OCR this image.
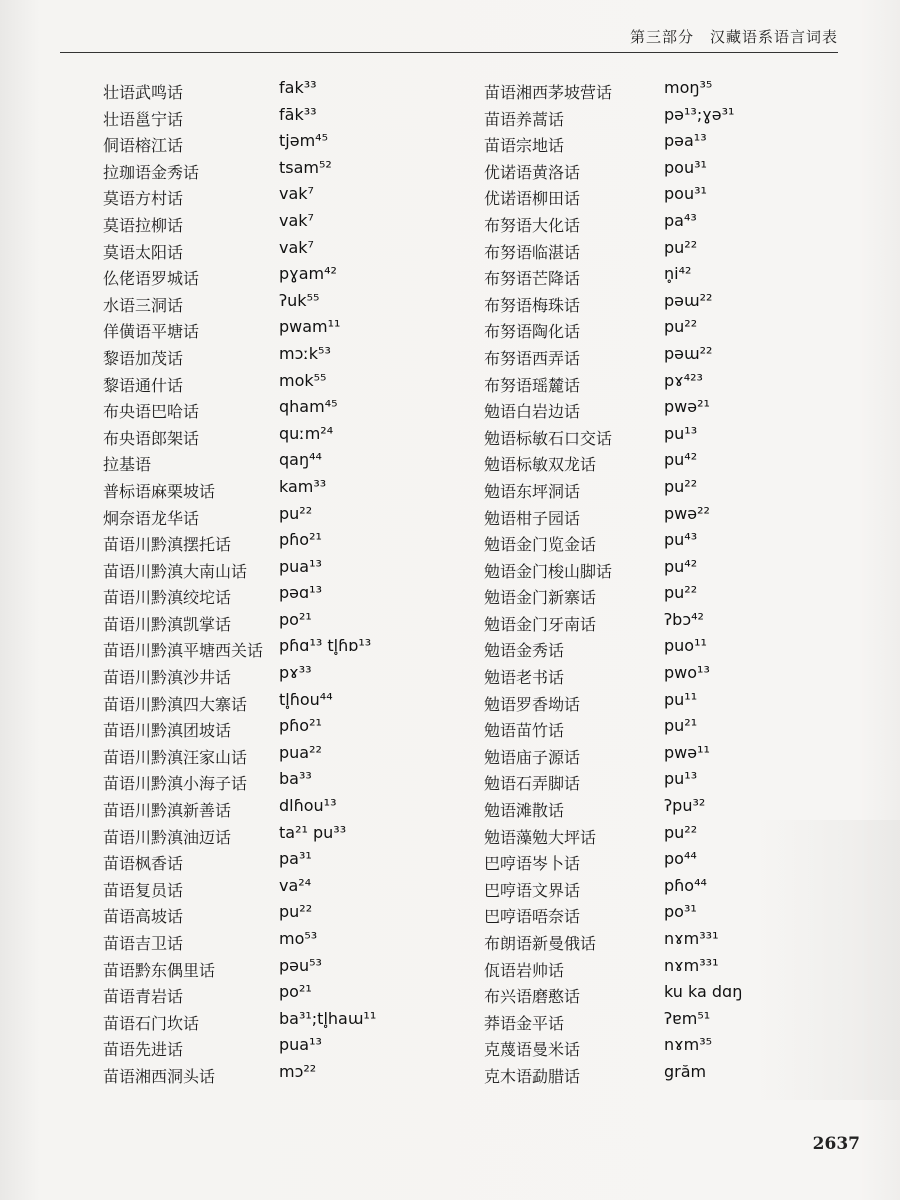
第三部分　汉藏语系语言词表
壮语武鸣话	fak³³
壮语邕宁话	fāk³³
侗语榕江话	tjəm⁴⁵
拉珈语金秀话	tsam⁵²
莫语方村话	vak⁷
莫语拉柳话	vak⁷
莫语太阳话	vak⁷
仫佬语罗城话	pɣam⁴²
水语三洞话	ʔuk⁵⁵
佯僙语平塘话	pwam¹¹
黎语加茂话	mɔːk⁵³
黎语通什话	mok⁵⁵
布央语巴哈话	qham⁴⁵
布央语郎架话	quːm²⁴
拉基语	qaŋ⁴⁴
普标语麻栗坡话	kam³³
炯奈语龙华话	pu²²
苗语川黔滇摆托话	pɦo²¹
苗语川黔滇大南山话 pua¹³
苗语川黔滇绞坨话	pəɑ¹³
苗语川黔滇凯掌话	po²¹
苗语川黔滇平塘西关话 pɦɑ¹³ tl̥ɦɒ¹³
苗语川黔滇沙井话	pɤ³³
苗语川黔滇四大寨话 tl̥ɦou⁴⁴
苗语川黔滇团坡话	pɦo²¹
苗语川黔滇汪家山话 pua²²
苗语川黔滇小海子话 ba³³
苗语川黔滇新善话	dlɦou¹³
苗语川黔滇油迈话	ta²¹ pu³³
苗语枫香话	pa³¹
苗语复员话	va²⁴
苗语高坡话	pu²²
苗语吉卫话	mo⁵³
苗语黔东偶里话	pəu⁵³
苗语青岩话	po²¹
苗语石门坎话	ba³¹;tl̥haɯ¹¹
苗语先进话	pua¹³
苗语湘西洞头话	mɔ²²
苗语湘西茅坡营话	moŋ³⁵
苗语养蒿话	pə¹³;ɣə³¹
苗语宗地话	pəa¹³
优诺语黄洛话	pou³¹
优诺语柳田话	pou³¹
布努语大化话	pa⁴³
布努语临湛话	pu²²
布努语芒降话	n̥i⁴²
布努语梅珠话	pəɯ²²
布努语陶化话	pu²²
布努语西弄话	pəɯ²²
布努语瑶麓话	pɤ⁴²³
勉语白岩边话	pwə²¹
勉语标敏石口交话	pu¹³
勉语标敏双龙话	pu⁴²
勉语东坪洞话	pu²²
勉语柑子园话	pwə²²
勉语金门览金话	pu⁴³
勉语金门梭山脚话	pu⁴²
勉语金门新寨话	pu²²
勉语金门牙南话	ʔbɔ⁴²
勉语金秀话	puo¹¹
勉语老书话	pwo¹³
勉语罗香坳话	pu¹¹
勉语苗竹话	pu²¹
勉语庙子源话	pwə¹¹
勉语石弄脚话	pu¹³
勉语滩散话	ʔpu³²
勉语藻勉大坪话	pu²²
巴哼语岑卜话	po⁴⁴
巴哼语文界话	pɦo⁴⁴
巴哼语唔奈话	po³¹
布朗语新曼俄话	nɤm³³¹
佤语岩帅话	nɤm³³¹
布兴语磨憨话	ku ka dɑŋ
莽语金平话	ʔɐm⁵¹
克蔑语曼米话	nɤm³⁵
克木语勐腊话	grăm
2637
